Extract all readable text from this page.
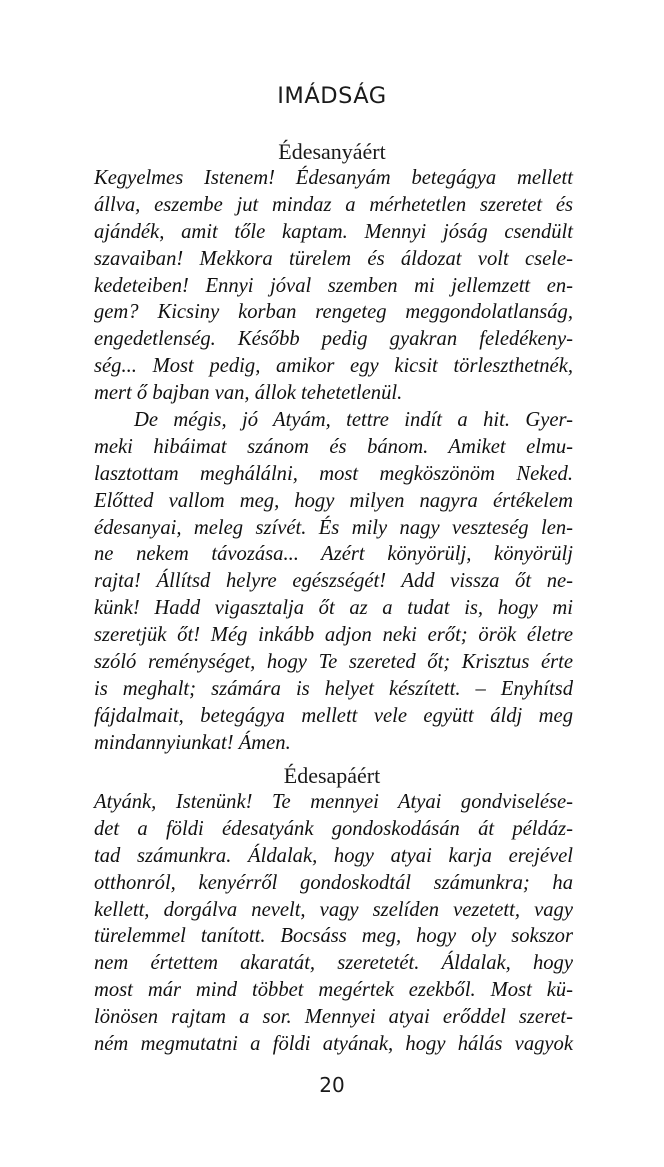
IMÁDSÁG
Édesanyáért
Kegyelmes Istenem! Édesanyám betegágya mellett
állva, eszembe jut mindaz a mérhetetlen szeretet és
ajándék, amit tőle kaptam. Mennyi jóság csendült
szavaiban! Mekkora türelem és áldozat volt csele-
kedeteiben! Ennyi jóval szemben mi jellemzett en-
gem? Kicsiny korban rengeteg meggondolatlanság,
engedetlenség. Később pedig gyakran feledékeny-
ség... Most pedig, amikor egy kicsit törleszthetnék,
mert ő bajban van, állok tehetetlenül.
De mégis, jó Atyám, tettre indít a hit. Gyer-
meki hibáimat szánom és bánom. Amiket elmu-
lasztottam meghálálni, most megköszönöm Neked.
Előtted vallom meg, hogy milyen nagyra értékelem
édesanyai, meleg szívét. És mily nagy veszteség len-
ne nekem távozása... Azért könyörülj, könyörülj
rajta! Állítsd helyre egészségét! Add vissza őt ne-
künk! Hadd vigasztalja őt az a tudat is, hogy mi
szeretjük őt! Még inkább adjon neki erőt; örök életre
szóló reménységet, hogy Te szereted őt; Krisztus érte
is meghalt; számára is helyet készített. – Enyhítsd
fájdalmait, betegágya mellett vele együtt áldj meg
mindannyiunkat! Ámen.
Édesapáért
Atyánk, Istenünk! Te mennyei Atyai gondviselése-
det a földi édesatyánk gondoskodásán át példáz-
tad számunkra. Áldalak, hogy atyai karja erejével
otthonról, kenyérről gondoskodtál számunkra; ha
kellett, dorgálva nevelt, vagy szelíden vezetett, vagy
türelemmel tanított. Bocsáss meg, hogy oly sokszor
nem értettem akaratát, szeretetét. Áldalak, hogy
most már mind többet megértek ezekből. Most kü-
lönösen rajtam a sor. Mennyei atyai erőddel szeret-
ném megmutatni a földi atyának, hogy hálás vagyok
20
